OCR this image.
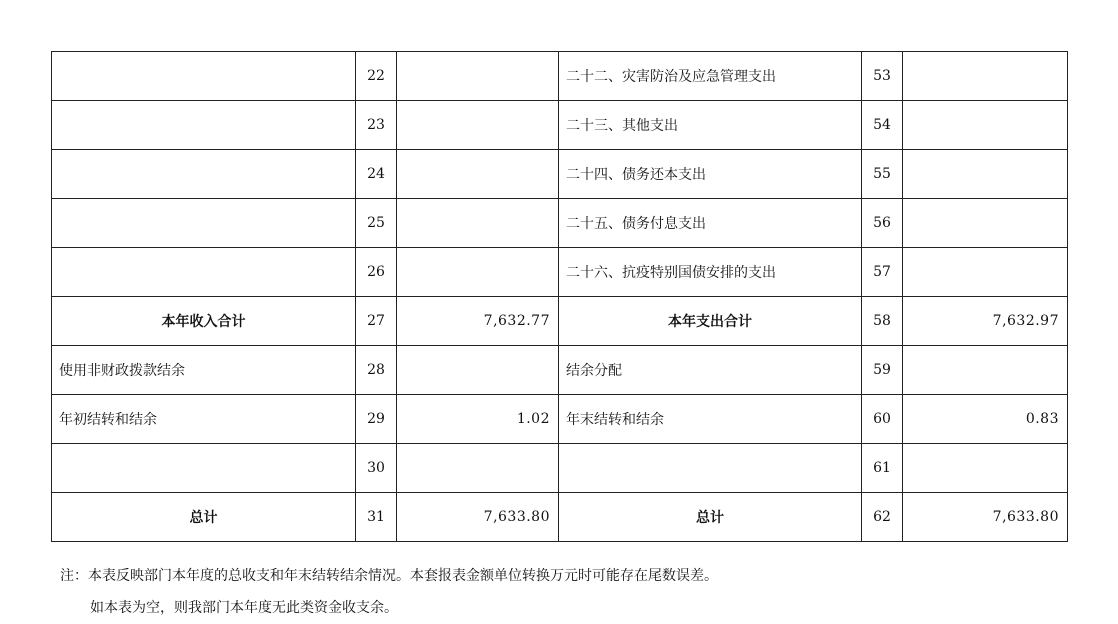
	22		二十二、灾害防治及应急管理支出	53	
	23		二十三、其他支出	54	
	24		二十四、债务还本支出	55	
	25		二十五、债务付息支出	56	
	26		二十六、抗疫特别国债安排的支出	57	
本年收入合计	27	7,632.77	本年支出合计	58	7,632.97
使用非财政拨款结余	28		结余分配	59	
年初结转和结余	29	1.02	年末结转和结余	60	0.83
	30			61	
总计	31	7,633.80	总计	62	7,633.80
注：本表反映部门本年度的总收支和年末结转结余情况。本套报表金额单位转换万元时可能存在尾数误差。
如本表为空，则我部门本年度无此类资金收支余。
